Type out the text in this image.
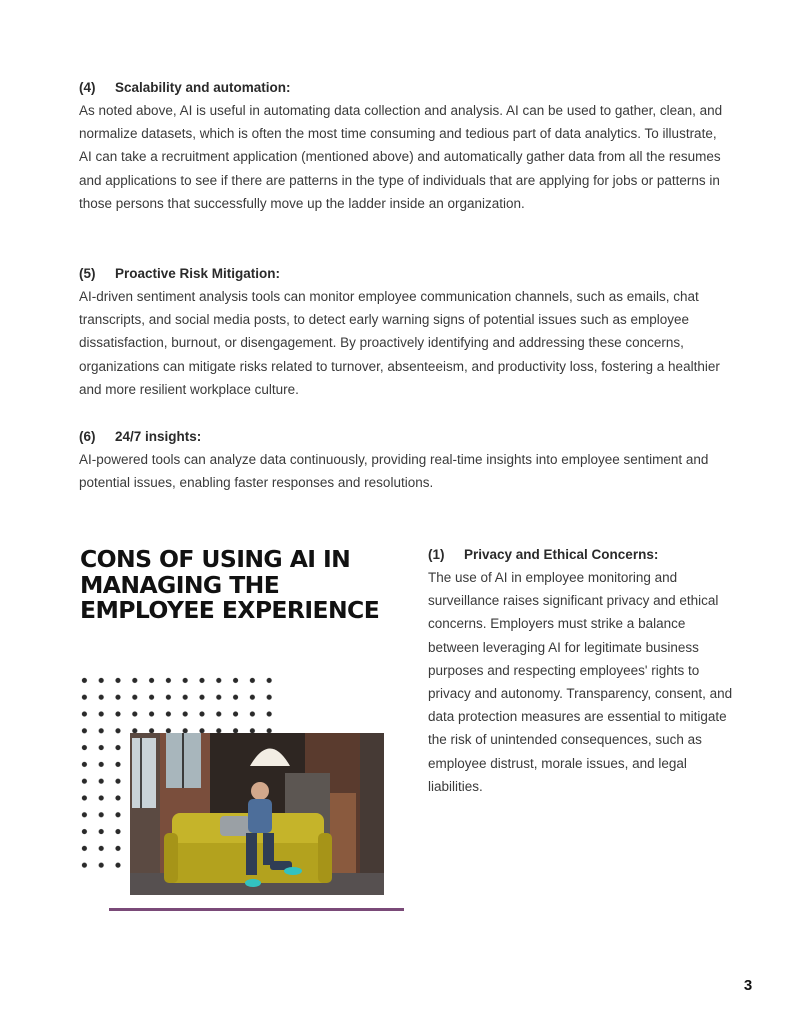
(4) Scalability and automation:
As noted above, AI is useful in automating data collection and analysis. AI can be used to gather, clean, and normalize datasets, which is often the most time consuming and tedious part of data analytics. To illustrate, AI can take a recruitment application (mentioned above) and automatically gather data from all the resumes and applications to see if there are patterns in the type of individuals that are applying for jobs or patterns in those persons that successfully move up the ladder inside an organization.
(5) Proactive Risk Mitigation:
AI-driven sentiment analysis tools can monitor employee communication channels, such as emails, chat transcripts, and social media posts, to detect early warning signs of potential issues such as employee dissatisfaction, burnout, or disengagement. By proactively identifying and addressing these concerns, organizations can mitigate risks related to turnover, absenteeism, and productivity loss, fostering a healthier and more resilient workplace culture.
(6) 24/7 insights:
AI-powered tools can analyze data continuously, providing real-time insights into employee sentiment and potential issues, enabling faster responses and resolutions.
CONS OF USING AI IN MANAGING THE EMPLOYEE EXPERIENCE
(1) Privacy and Ethical Concerns:
The use of AI in employee monitoring and surveillance raises significant privacy and ethical concerns. Employers must strike a balance between leveraging AI for legitimate business purposes and respecting employees' rights to privacy and autonomy. Transparency, consent, and data protection measures are essential to mitigate the risk of unintended consequences, such as employee distrust, morale issues, and legal liabilities.
3
